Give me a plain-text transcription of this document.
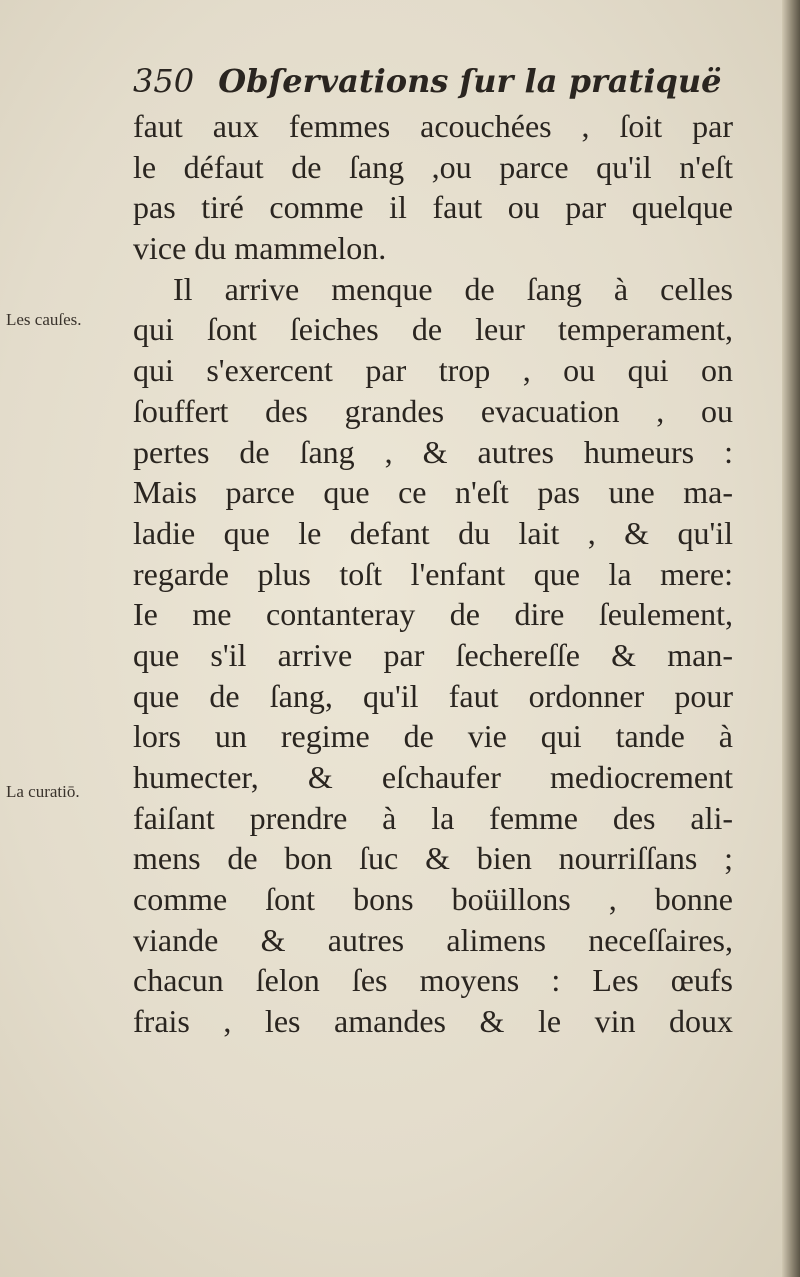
350 Obſervations ſur la pratiquë
Les cauſes.
La curatiō.
faut aux femmes acouchées , ſoit par
le défaut de ſang ,ou parce qu'il n'eſt
pas tiré comme il faut ou par quelque
vice du mammelon.
Il arrive menque de ſang à celles
qui ſont ſeiches de leur temperament,
qui s'exercent par trop , ou qui on
ſouffert des grandes evacuation , ou
pertes de ſang , & autres humeurs :
Mais parce que ce n'eſt pas une ma-
ladie que le defant du lait , & qu'il
regarde plus toſt l'enfant que la mere:
Ie me contanteray de dire ſeulement,
que s'il arrive par ſechereſſe & man-
que de ſang, qu'il faut ordonner pour
lors un regime de vie qui tande à
humecter, & eſchaufer mediocrement
faiſant prendre à la femme des ali-
mens de bon ſuc & bien nourriſſans ;
comme ſont bons boüillons , bonne
viande & autres alimens neceſſaires,
chacun ſelon ſes moyens : Les œufs
frais , les amandes & le vin doux
